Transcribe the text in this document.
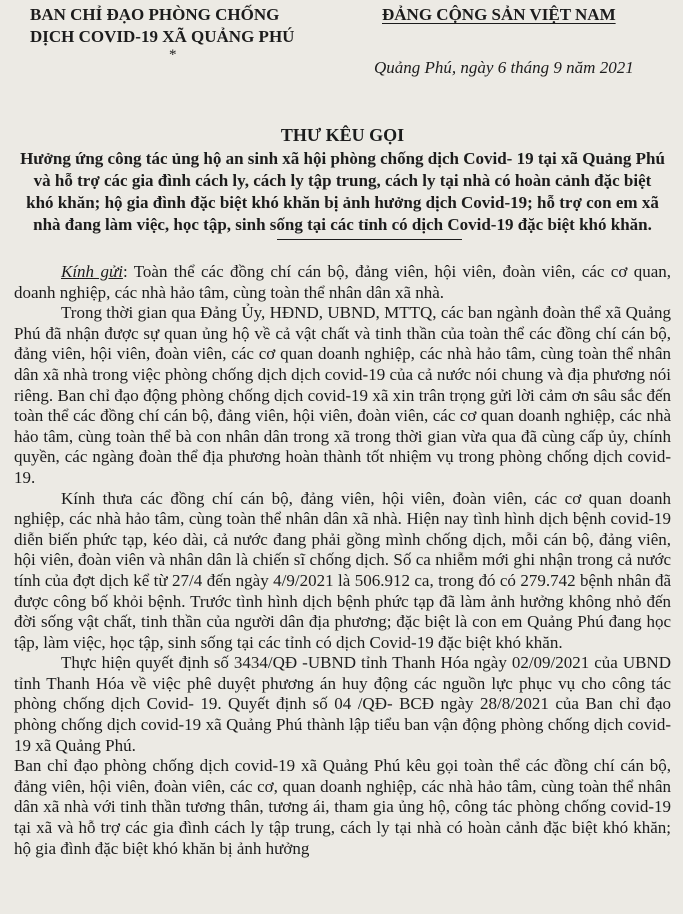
BAN CHỈ ĐẠO PHÒNG CHỐNG
DỊCH COVID-19 XÃ QUẢNG PHÚ
*
ĐẢNG CỘNG SẢN VIỆT NAM
Quảng Phú, ngày 6 tháng 9 năm 2021
THƯ KÊU GỌI
Hưởng ứng công tác ủng hộ an sinh xã hội phòng chống dịch Covid- 19 tại xã Quảng Phú và hỗ trợ các gia đình cách ly, cách ly tập trung, cách ly tại nhà có hoàn cảnh đặc biệt khó khăn; hộ gia đình đặc biệt khó khăn bị ảnh hưởng dịch Covid-19; hỗ trợ con em xã nhà đang làm việc, học tập, sinh sống tại các tỉnh có dịch Covid-19 đặc biệt khó khăn.

Kính gửi: Toàn thể các đồng chí cán bộ, đảng viên, hội viên, đoàn viên, các cơ quan, doanh nghiệp, các nhà hảo tâm, cùng toàn thể nhân dân xã nhà.

Trong thời gian qua Đảng Ủy, HĐND, UBND, MTTQ, các ban ngành đoàn thể xã Quảng Phú đã nhận được sự quan ủng hộ về cả vật chất và tinh thần của toàn thể các đồng chí cán bộ, đảng viên, hội viên, đoàn viên, các cơ quan doanh nghiệp, các nhà hảo tâm, cùng toàn thể nhân dân xã nhà trong việc phòng chống dịch dịch covid-19 của cả nước nói chung và địa phương nói riêng. Ban chỉ đạo động phòng chống dịch covid-19 xã xin trân trọng gửi lời cảm ơn sâu sắc đến toàn thể các đồng chí cán bộ, đảng viên, hội viên, đoàn viên, các cơ quan doanh nghiệp, các nhà hảo tâm, cùng toàn thể bà con nhân dân trong xã trong thời gian vừa qua đã cùng cấp ủy, chính quyền, các ngàng đoàn thể địa phương hoàn thành tốt nhiệm vụ trong phòng chống dịch covid-19.

Kính thưa các đồng chí cán bộ, đảng viên, hội viên, đoàn viên, các cơ quan doanh nghiệp, các nhà hảo tâm, cùng toàn thể nhân dân xã nhà. Hiện nay tình hình dịch bệnh covid-19 diễn biến phức tạp, kéo dài, cả nước đang phải gồng mình chống dịch, mỗi cán bộ, đảng viên, hội viên, đoàn viên và nhân dân là chiến sĩ chống dịch. Số ca nhiễm mới ghi nhận trong cả nước tính của đợt dịch kể từ 27/4 đến ngày 4/9/2021 là 506.912 ca, trong đó có 279.742 bệnh nhân đã được công bố khỏi bệnh. Trước tình hình dịch bệnh phức tạp đã làm ảnh hưởng không nhỏ đến đời sống vật chất, tinh thần của người dân địa phương; đặc biệt là con em Quảng Phú đang học tập, làm việc, học tập, sinh sống tại các tỉnh có dịch Covid-19 đặc biệt khó khăn.

Thực hiện quyết định số 3434/QĐ -UBND tỉnh Thanh Hóa ngày 02/09/2021 của UBND tỉnh Thanh Hóa về việc phê duyệt phương án huy động các nguồn lực phục vụ cho công tác phòng chống dịch Covid- 19. Quyết định số 04 /QĐ- BCĐ ngày 28/8/2021 của Ban chỉ đạo phòng chống dịch covid-19 xã Quảng Phú thành lập tiểu ban vận động phòng chống dịch covid-19 xã Quảng Phú.

Ban chỉ đạo phòng chống dịch covid-19 xã Quảng Phú kêu gọi toàn thể các đồng chí cán bộ, đảng viên, hội viên, đoàn viên, các cơ, quan doanh nghiệp, các nhà hảo tâm, cùng toàn thể nhân dân xã nhà với tinh thần tương thân, tương ái, tham gia ủng hộ, công tác phòng chống covid-19 tại xã và hỗ trợ các gia đình cách ly tập trung, cách ly tại nhà có hoàn cảnh đặc biệt khó khăn; hộ gia đình đặc biệt khó khăn bị ảnh hưởng
